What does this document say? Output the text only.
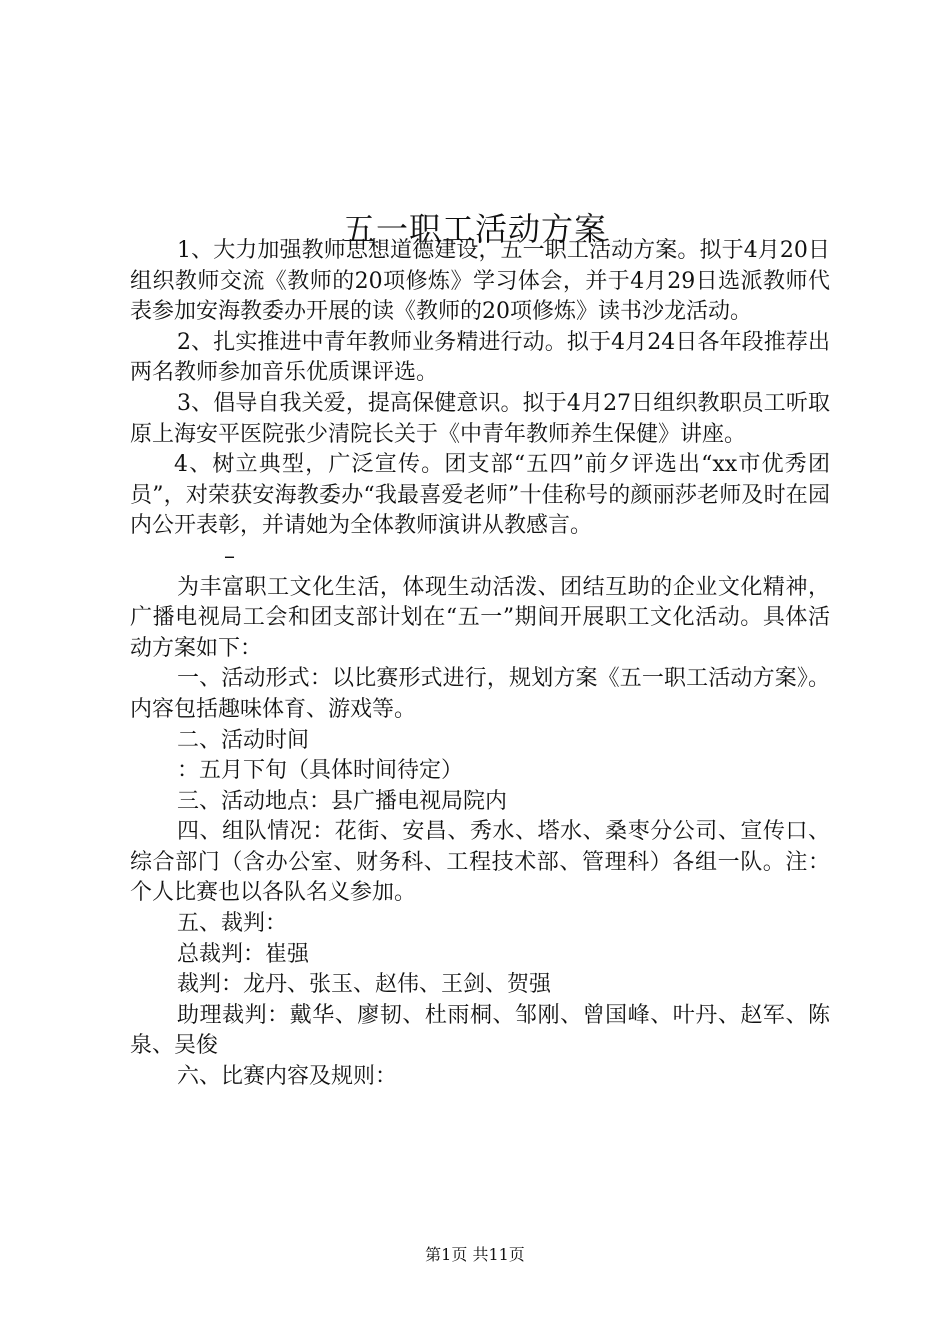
五一职工活动方案

1、大力加强教师思想道德建设，五一职工活动方案。拟于4月20日组织教师交流《教师的20项修炼》学习体会，并于4月29日选派教师代表参加安海教委办开展的读《教师的20项修炼》读书沙龙活动。

2、扎实推进中青年教师业务精进行动。拟于4月24日各年段推荐出两名教师参加音乐优质课评选。

3、倡导自我关爱，提高保健意识。拟于4月27日组织教职员工听取原上海安平医院张少清院长关于《中青年教师养生保健》讲座。

4、树立典型，广泛宣传。团支部“五四”前夕评选出“xx市优秀团员”，对荣获安海教委办“我最喜爱老师”十佳称号的颜丽莎老师及时在园内公开表彰，并请她为全体教师演讲从教感言。

–

为丰富职工文化生活，体现生动活泼、团结互助的企业文化精神，广播电视局工会和团支部计划在“五一”期间开展职工文化活动。具体活动方案如下：

一、活动形式：以比赛形式进行，规划方案《五一职工活动方案》。内容包括趣味体育、游戏等。

二、活动时间

：五月下旬（具体时间待定）

三、活动地点：县广播电视局院内

四、组队情况：花街、安昌、秀水、塔水、桑枣分公司、宣传口、综合部门（含办公室、财务科、工程技术部、管理科）各组一队。注：个人比赛也以各队名义参加。

五、裁判：

总裁判：崔强

裁判：龙丹、张玉、赵伟、王剑、贺强

助理裁判：戴华、廖韧、杜雨桐、邹刚、曾国峰、叶丹、赵军、陈泉、吴俊

六、比赛内容及规则：

第1页 共11页
